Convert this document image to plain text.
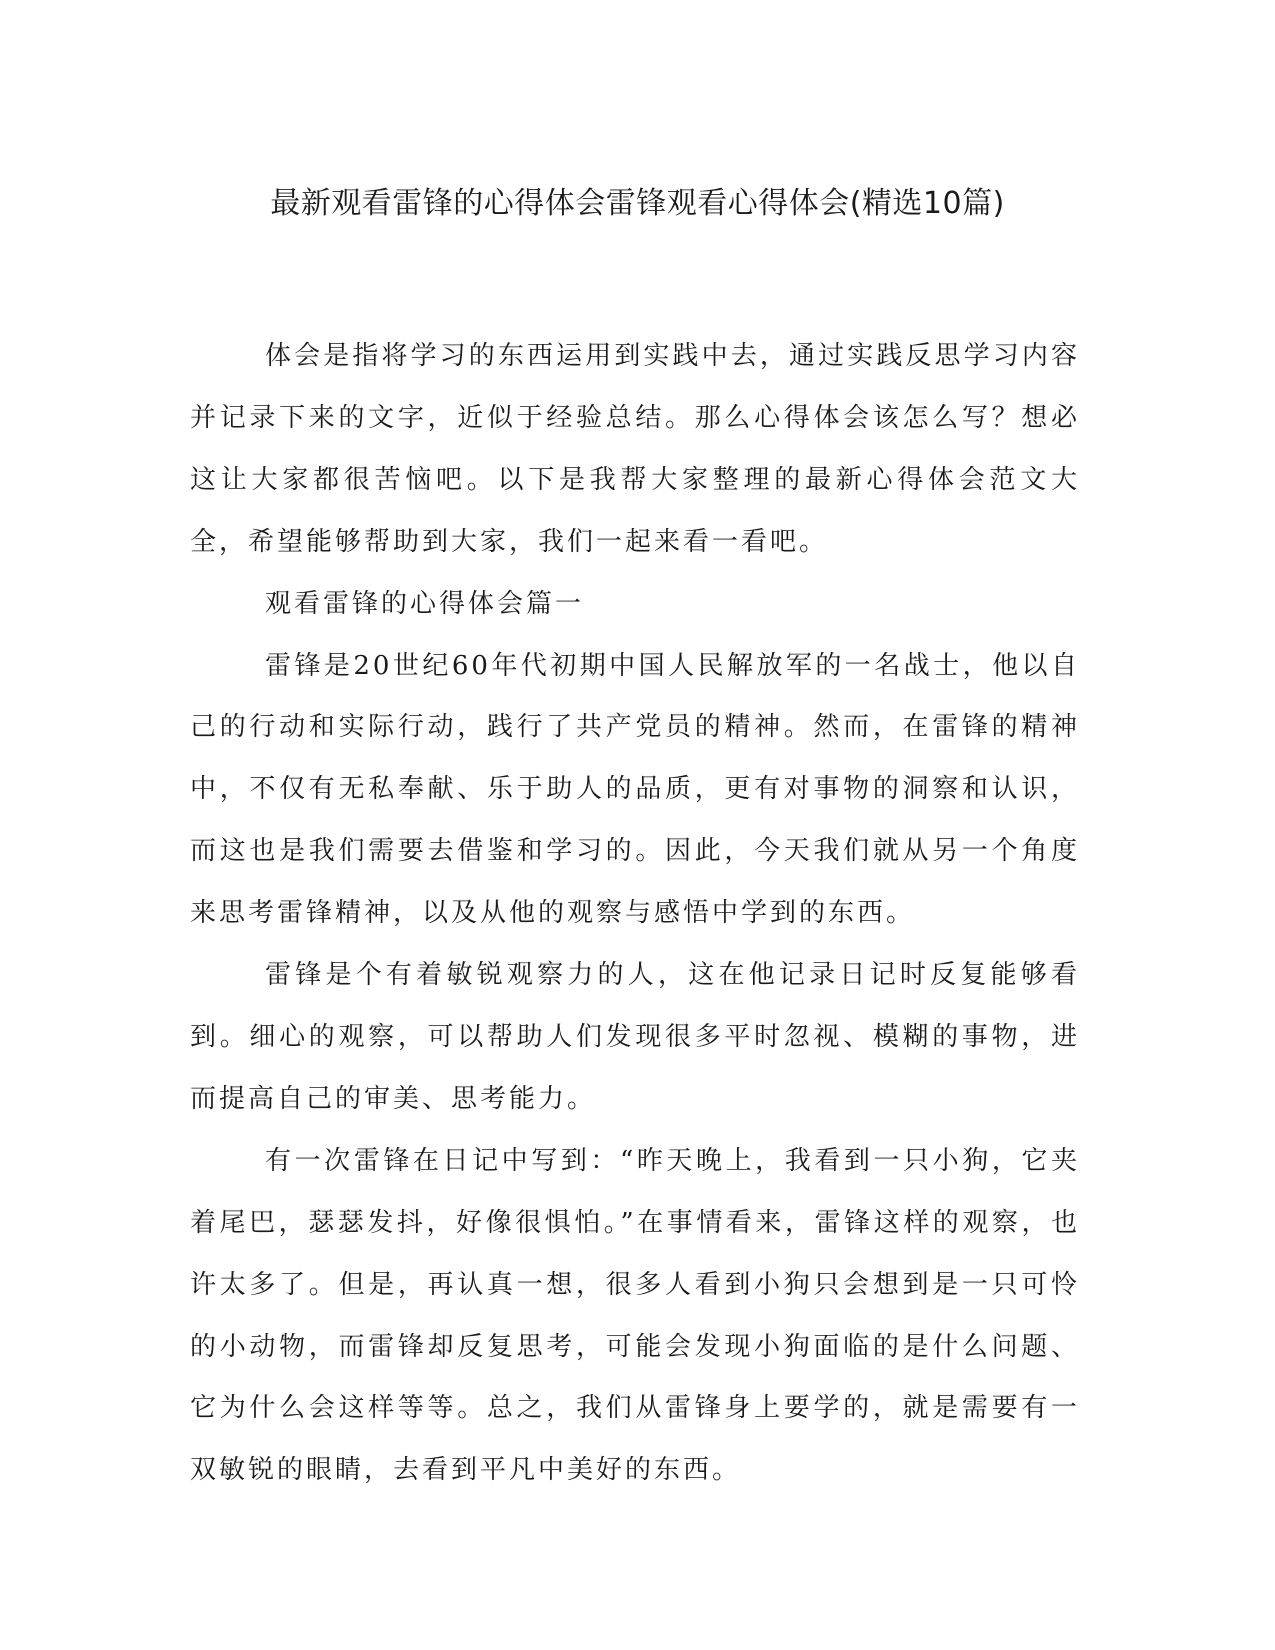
最新观看雷锋的心得体会雷锋观看心得体会(精选10篇)

体会是指将学习的东西运用到实践中去，通过实践反思学习内容并记录下来的文字，近似于经验总结。那么心得体会该怎么写？想必这让大家都很苦恼吧。以下是我帮大家整理的最新心得体会范文大全，希望能够帮助到大家，我们一起来看一看吧。

观看雷锋的心得体会篇一

雷锋是20世纪60年代初期中国人民解放军的一名战士，他以自己的行动和实际行动，践行了共产党员的精神。然而，在雷锋的精神中，不仅有无私奉献、乐于助人的品质，更有对事物的洞察和认识，而这也是我们需要去借鉴和学习的。因此，今天我们就从另一个角度来思考雷锋精神，以及从他的观察与感悟中学到的东西。

雷锋是个有着敏锐观察力的人，这在他记录日记时反复能够看到。细心的观察，可以帮助人们发现很多平时忽视、模糊的事物，进而提高自己的审美、思考能力。

有一次雷锋在日记中写到：“昨天晚上，我看到一只小狗，它夹着尾巴，瑟瑟发抖，好像很惧怕。”在事情看来，雷锋这样的观察，也许太多了。但是，再认真一想，很多人看到小狗只会想到是一只可怜的小动物，而雷锋却反复思考，可能会发现小狗面临的是什么问题、它为什么会这样等等。总之，我们从雷锋身上要学的，就是需要有一双敏锐的眼睛，去看到平凡中美好的东西。
